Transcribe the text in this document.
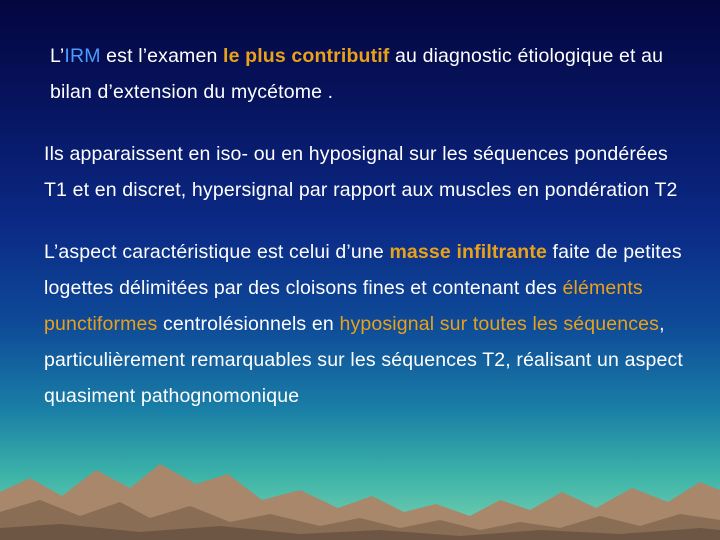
L’IRM est l’examen le plus contributif au diagnostic étiologique et au bilan d’extension du mycétome .

Ils apparaissent en iso- ou en hyposignal sur les séquences pondérées T1 et en discret, hypersignal par rapport aux muscles en pondération T2

L’aspect caractéristique est celui d’une masse infiltrante faite de petites logettes délimitées par des cloisons fines et contenant des éléments punctiformes centrolésionnels en hyposignal sur toutes les séquences, particulièrement remarquables sur les séquences T2, réalisant un aspect quasiment pathognomonique
